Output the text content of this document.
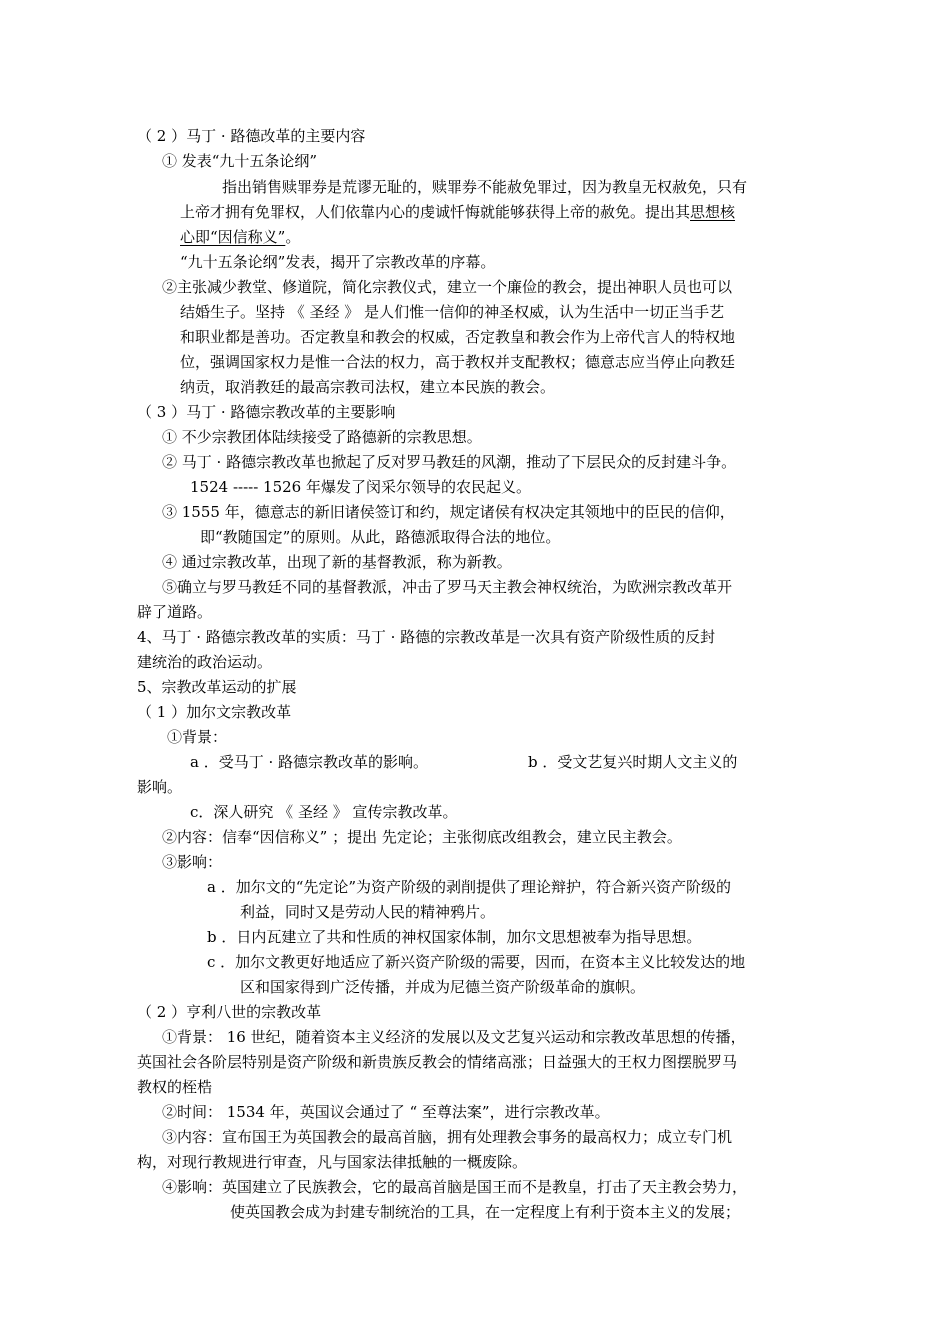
（ 2 ）马丁 · 路德改革的主要内容
① 发表“九十五条论纲”
指出销售赎罪券是荒谬无耻的，赎罪券不能赦免罪过，因为教皇无权赦免，只有
上帝才拥有免罪权，人们依靠内心的虔诚忏悔就能够获得上帝的赦免。提出其思想核
心即“因信称义”。
“九十五条论纲”发表，揭开了宗教改革的序幕。
②主张减少教堂、修道院，简化宗教仪式，建立一个廉俭的教会，提出神职人员也可以
结婚生子。坚持 《 圣经 》 是人们惟一信仰的神圣权威，认为生活中一切正当手艺
和职业都是善功。否定教皇和教会的权威，否定教皇和教会作为上帝代言人的特权地
位，强调国家权力是惟一合法的权力，高于教权并支配教权；德意志应当停止向教廷
纳贡，取消教廷的最高宗教司法权，建立本民族的教会。
（ 3 ）马丁 · 路德宗教改革的主要影响
① 不少宗教团体陆续接受了路德新的宗教思想。
② 马丁 · 路德宗教改革也掀起了反对罗马教廷的风潮，推动了下层民众的反封建斗争。
1524 ----- 1526 年爆发了闵采尔领导的农民起义。
③ 1555 年，德意志的新旧诸侯签订和约，规定诸侯有权决定其领地中的臣民的信仰，
即“教随国定”的原则。从此，路德派取得合法的地位。
④ 通过宗教改革，出现了新的基督教派，称为新教。
⑤确立与罗马教廷不同的基督教派，冲击了罗马天主教会神权统治，为欧洲宗教改革开
辟了道路。
4、马丁 · 路德宗教改革的实质：马丁 · 路德的宗教改革是一次具有资产阶级性质的反封
建统治的政治运动。
5、宗教改革运动的扩展
（ 1 ）加尔文宗教改革
①背景：
a ．受马丁 · 路德宗教改革的影响。	b ．受文艺复兴时期人文主义的
影响。
c．深人研究 《 圣经 》 宣传宗教改革。
②内容：信奉“因信称义” ；提出 先定论；主张彻底改组教会，建立民主教会。
③影响：
a ．加尔文的“先定论”为资产阶级的剥削提供了理论辩护，符合新兴资产阶级的
利益，同时又是劳动人民的精神鸦片。
b ．日内瓦建立了共和性质的神权国家体制，加尔文思想被奉为指导思想。
c ．加尔文教更好地适应了新兴资产阶级的需要，因而，在资本主义比较发达的地
区和国家得到广泛传播，并成为尼德兰资产阶级革命的旗帜。
（ 2 ）亨利八世的宗教改革
①背景： 16 世纪，随着资本主义经济的发展以及文艺复兴运动和宗教改革思想的传播，
英国社会各阶层特别是资产阶级和新贵族反教会的情绪高涨；日益强大的王权力图摆脱罗马
教权的桎梏
②时间： 1534 年，英国议会通过了 “ 至尊法案”，进行宗教改革。
③内容：宣布国王为英国教会的最高首脑，拥有处理教会事务的最高权力；成立专门机
构，对现行教规进行审查，凡与国家法律抵触的一概废除。
④影响：英国建立了民族教会，它的最高首脑是国王而不是教皇，打击了天主教会势力，
使英国教会成为封建专制统治的工具，在一定程度上有利于资本主义的发展；
